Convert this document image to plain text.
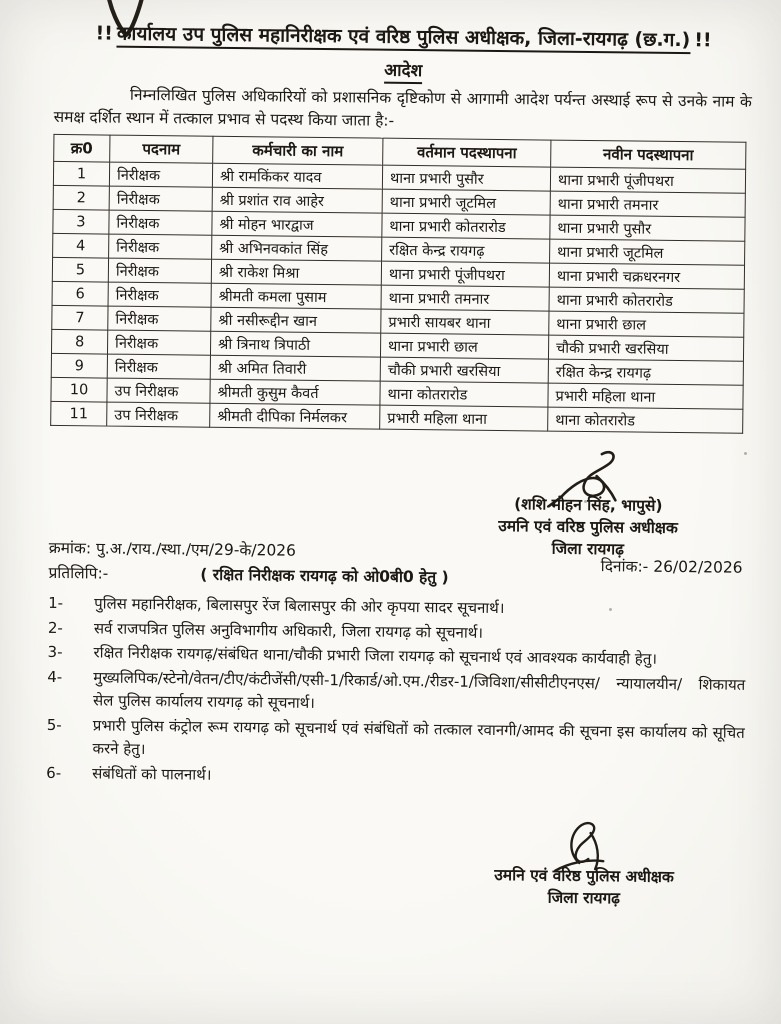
!! कार्यालय उप पुलिस महानिरीक्षक एवं वरिष्ठ पुलिस अधीक्षक, जिला-रायगढ़ (छ.ग.) !!
आदेश

निम्नलिखित पुलिस अधिकारियों को प्रशासनिक दृष्टिकोण से आगामी आदेश पर्यन्त अस्थाई रूप से उनके नाम के समक्ष दर्शित स्थान में तत्काल प्रभाव से पदस्थ किया जाता है:-

क्र0	पदनाम	कर्मचारी का नाम	वर्तमान पदस्थापना	नवीन पदस्थापना
1	निरीक्षक	श्री रामकिंकर यादव	थाना प्रभारी पुसौर	थाना प्रभारी पूंजीपथरा
2	निरीक्षक	श्री प्रशांत राव आहेर	थाना प्रभारी जूटमिल	थाना प्रभारी तमनार
3	निरीक्षक	श्री मोहन भारद्वाज	थाना प्रभारी कोतरारोड	थाना प्रभारी पुसौर
4	निरीक्षक	श्री अभिनवकांत सिंह	रक्षित केन्द्र रायगढ़	थाना प्रभारी जूटमिल
5	निरीक्षक	श्री राकेश मिश्रा	थाना प्रभारी पूंजीपथरा	थाना प्रभारी चक्रधरनगर
6	निरीक्षक	श्रीमती कमला पुसाम	थाना प्रभारी तमनार	थाना प्रभारी कोतरारोड
7	निरीक्षक	श्री नसीरूद्दीन खान	प्रभारी सायबर थाना	थाना प्रभारी छाल
8	निरीक्षक	श्री त्रिनाथ त्रिपाठी	थाना प्रभारी छाल	चौकी प्रभारी खरसिया
9	निरीक्षक	श्री अमित तिवारी	चौकी प्रभारी खरसिया	रक्षित केन्द्र रायगढ़
10	उप निरीक्षक	श्रीमती कुसुम कैवर्त	थाना कोतरारोड	प्रभारी महिला थाना
11	उप निरीक्षक	श्रीमती दीपिका निर्मलकर	प्रभारी महिला थाना	थाना कोतरारोड
(शशि मोहन सिंह, भापुसे)
उमनि एवं वरिष्ठ पुलिस अधीक्षक
जिला रायगढ़
क्रमांक: पु.अ./राय./स्था./एम/29-के/2026
प्रतिलिपि:-	( रक्षित निरीक्षक रायगढ़ को ओ0बी0 हेतु )	दिनांक:- 26/02/2026
1-	पुलिस महानिरीक्षक, बिलासपुर रेंज बिलासपुर की ओर कृपया सादर सूचनार्थ।
2-	सर्व राजपत्रित पुलिस अनुविभागीय अधिकारी, जिला रायगढ़ को सूचनार्थ।
3-	रक्षित निरीक्षक रायगढ़/संबंधित थाना/चौकी प्रभारी जिला रायगढ़ को सूचनार्थ एवं आवश्यक कार्यवाही हेतु।
4-	मुख्यलिपिक/स्टेनो/वेतन/टीए/कंटीजेंसी/एसी-1/रिकार्ड/ओ.एम./रीडर-1/जिविशा/सीसीटीएनएस/ न्यायालयीन/ शिकायत सेल पुलिस कार्यालय रायगढ़ को सूचनार्थ।
5-	प्रभारी पुलिस कंट्रोल रूम रायगढ़ को सूचनार्थ एवं संबंधितों को तत्काल रवानगी/आमद की सूचना इस कार्यालय को सूचित करने हेतु।
6-	संबंधितों को पालनार्थ।
उमनि एवं वरिष्ठ पुलिस अधीक्षक
जिला रायगढ़
